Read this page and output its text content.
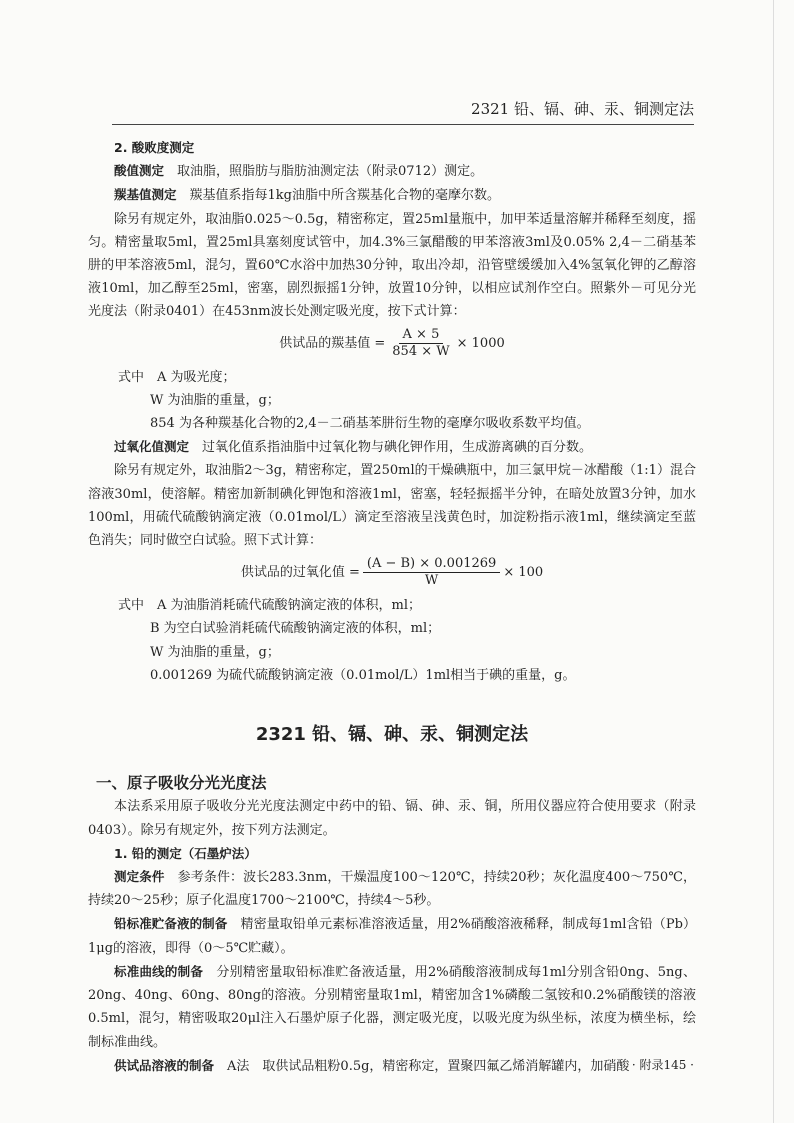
2321 铅、镉、砷、汞、铜测定法

2. 酸败度测定

酸值测定　 取油脂，照脂肪与脂肪油测定法（附录0712）测定。

羰基值测定　 羰基值系指每1kg油脂中所含羰基化合物的毫摩尔数。

除另有规定外，取油脂0.025～0.5g，精密称定，置25ml量瓶中，加甲苯适量溶解并稀释至刻度，摇匀。精密量取5ml，置25ml具塞刻度试管中，加4.3%三氯醋酸的甲苯溶液3ml及0.05% 2,4－二硝基苯肼的甲苯溶液5ml，混匀，置60℃水浴中加热30分钟，取出冷却，沿管壁缓缓加入4%氢氧化钾的乙醇溶液10ml，加乙醇至25ml，密塞，剧烈振摇1分钟，放置10分钟，以相应试剂作空白。照紫外－可见分光光度法（附录0401）在453nm波长处测定吸光度，按下式计算：

供试品的羰基值 = $\frac{A \times 5}{854 \times W} \times 1000$

式中　 A 为吸光度；

W 为油脂的重量，g；

854 为各种羰基化合物的2,4－二硝基苯肼衍生物的毫摩尔吸收系数平均值。

过氧化值测定　 过氧化值系指油脂中过氧化物与碘化钾作用，生成游离碘的百分数。

除另有规定外，取油脂2～3g，精密称定，置250ml的干燥碘瓶中，加三氯甲烷－冰醋酸（1:1）混合溶液30ml，使溶解。精密加新制碘化钾饱和溶液1ml，密塞，轻轻振摇半分钟，在暗处放置3分钟，加水100ml，用硫代硫酸钠滴定液（0.01mol/L）滴定至溶液呈浅黄色时，加淀粉指示液1ml，继续滴定至蓝色消失；同时做空白试验。照下式计算：

供试品的过氧化值 = $\frac{(A - B) \times 0.001269}{W} \times 100$

式中　 A 为油脂消耗硫代硫酸钠滴定液的体积，ml；

B 为空白试验消耗硫代硫酸钠滴定液的体积，ml；

W 为油脂的重量，g；

0.001269 为硫代硫酸钠滴定液（0.01mol/L）1ml相当于碘的重量，g。

2321 铅、镉、砷、汞、铜测定法

一、原子吸收分光光度法

本法系采用原子吸收分光光度法测定中药中的铅、镉、砷、汞、铜，所用仪器应符合使用要求（附录0403）。除另有规定外，按下列方法测定。

1. 铅的测定（石墨炉法）

测定条件　 参考条件：波长283.3nm，干燥温度100～120℃，持续20秒；灰化温度400～750℃，持续20～25秒；原子化温度1700～2100℃，持续4～5秒。

铅标准贮备液的制备　 精密量取铅单元素标准溶液适量，用2%硝酸溶液稀释，制成每1ml含铅（Pb）1μg的溶液，即得（0～5℃贮藏）。

标准曲线的制备　 分别精密量取铅标准贮备液适量，用2%硝酸溶液制成每1ml分别含铅0ng、5ng、20ng、40ng、60ng、80ng的溶液。分别精密量取1ml，精密加含1%磷酸二氢铵和0.2%硝酸镁的溶液0.5ml，混匀，精密吸取20μl注入石墨炉原子化器，测定吸光度，以吸光度为纵坐标，浓度为横坐标，绘制标准曲线。

供试品溶液的制备　 A法　取供试品粗粉0.5g，精密称定，置聚四氟乙烯消解罐内，加硝酸 · 附录145 ·
